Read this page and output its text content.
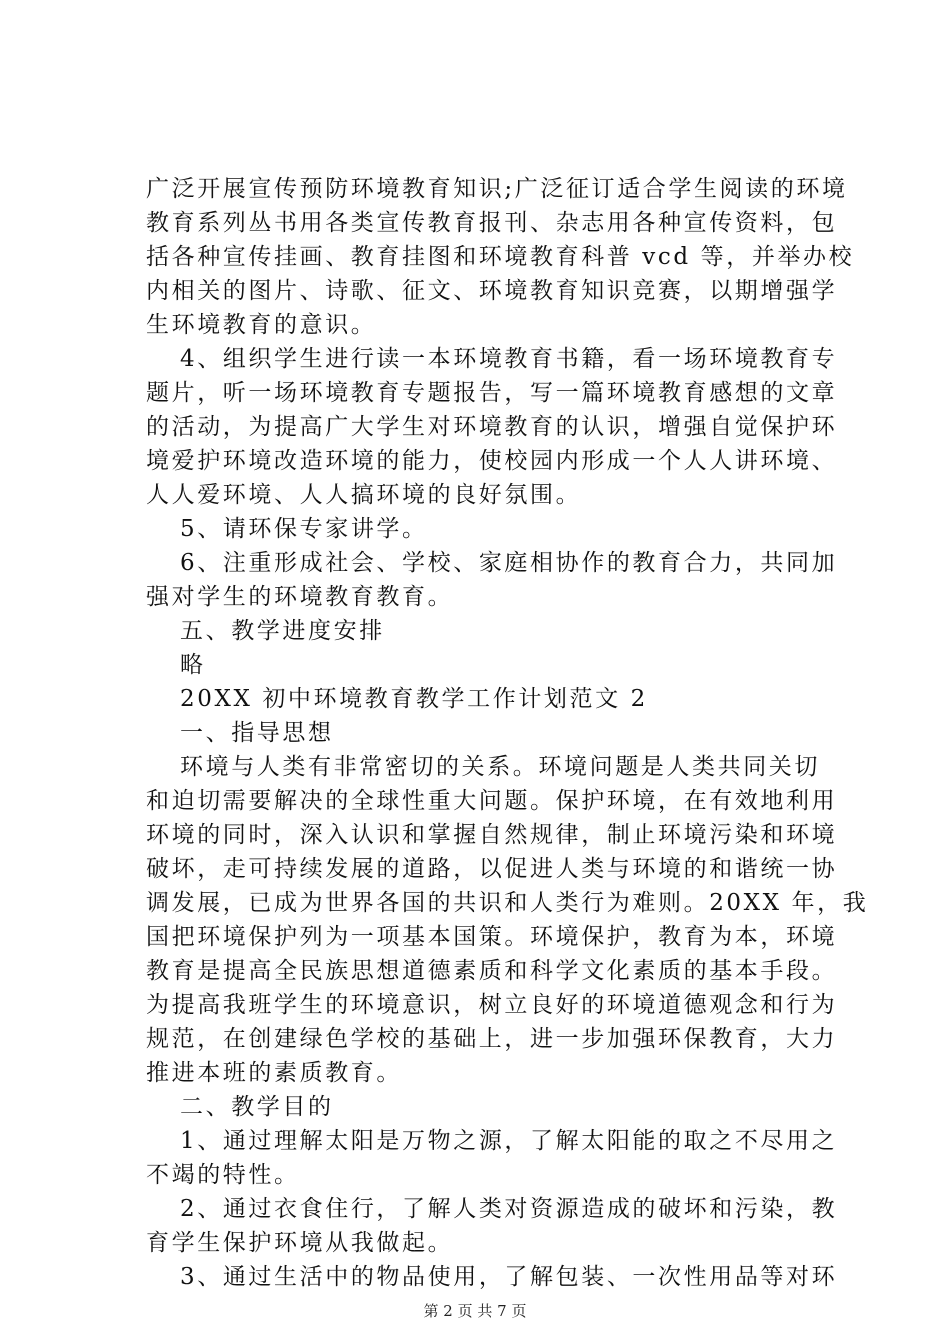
广泛开展宣传预防环境教育知识;广泛征订适合学生阅读的环境
教育系列丛书用各类宣传教育报刊、杂志用各种宣传资料，包
括各种宣传挂画、教育挂图和环境教育科普 vcd 等，并举办校
内相关的图片、诗歌、征文、环境教育知识竞赛，以期增强学
生环境教育的意识。
4、组织学生进行读一本环境教育书籍，看一场环境教育专
题片，听一场环境教育专题报告，写一篇环境教育感想的文章
的活动，为提高广大学生对环境教育的认识，增强自觉保护环
境爱护环境改造环境的能力，使校园内形成一个人人讲环境、
人人爱环境、人人搞环境的良好氛围。
5、请环保专家讲学。
6、注重形成社会、学校、家庭相协作的教育合力，共同加
强对学生的环境教育教育。
五、教学进度安排
略
20XX 初中环境教育教学工作计划范文 2
一、指导思想
环境与人类有非常密切的关系。环境问题是人类共同关切
和迫切需要解决的全球性重大问题。保护环境，在有效地利用
环境的同时，深入认识和掌握自然规律，制止环境污染和环境
破坏，走可持续发展的道路，以促进人类与环境的和谐统一协
调发展，已成为世界各国的共识和人类行为难则。20XX 年，我
国把环境保护列为一项基本国策。环境保护，教育为本，环境
教育是提高全民族思想道德素质和科学文化素质的基本手段。
为提高我班学生的环境意识，树立良好的环境道德观念和行为
规范，在创建绿色学校的基础上，进一步加强环保教育，大力
推进本班的素质教育。
二、教学目的
1、通过理解太阳是万物之源，了解太阳能的取之不尽用之
不竭的特性。
2、通过衣食住行，了解人类对资源造成的破坏和污染，教
育学生保护环境从我做起。
3、通过生活中的物品使用，了解包装、一次性用品等对环
第 2 页 共 7 页
